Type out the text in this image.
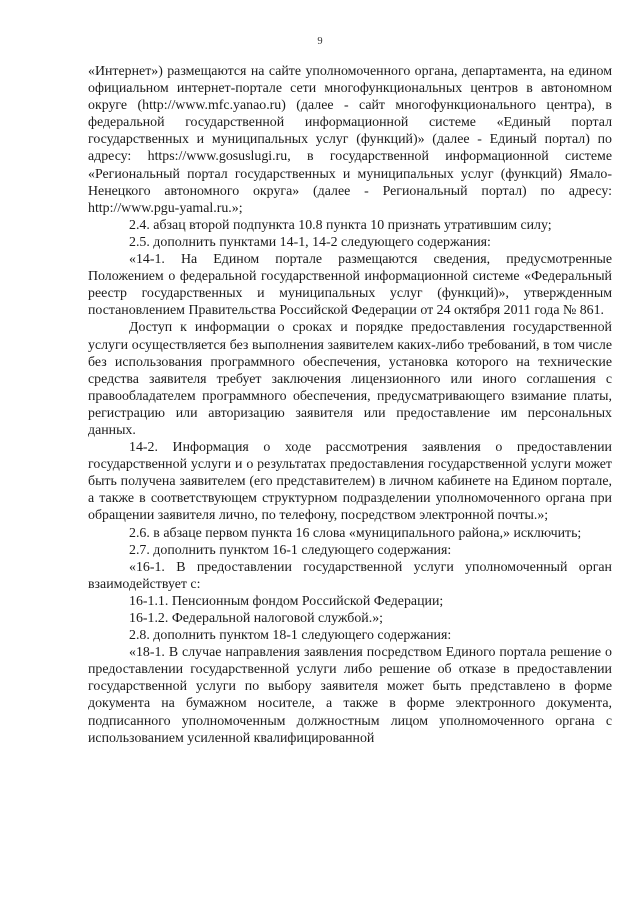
9

«Интернет») размещаются на сайте уполномоченного органа, департамента, на едином официальном интернет-портале сети многофункциональных центров в автономном округе (http://www.mfc.yanao.ru) (далее - сайт многофункционального центра), в федеральной государственной информационной системе «Единый портал государственных и муниципальных услуг (функций)» (далее - Единый портал) по адресу: https://www.gosuslugi.ru, в государственной информационной системе «Региональный портал государственных и муниципальных услуг (функций) Ямало-Ненецкого автономного округа» (далее - Региональный портал) по адресу: http://www.pgu-yamal.ru.»;

2.4. абзац второй подпункта 10.8 пункта 10 признать утратившим силу;

2.5. дополнить пунктами 14-1, 14-2 следующего содержания:

«14-1. На Едином портале размещаются сведения, предусмотренные Положением о федеральной государственной информационной системе «Федеральный реестр государственных и муниципальных услуг (функций)», утвержденным постановлением Правительства Российской Федерации от 24 октября 2011 года № 861.

Доступ к информации о сроках и порядке предоставления государственной услуги осуществляется без выполнения заявителем каких-либо требований, в том числе без использования программного обеспечения, установка которого на технические средства заявителя требует заключения лицензионного или иного соглашения с правообладателем программного обеспечения, предусматривающего взимание платы, регистрацию или авторизацию заявителя или предоставление им персональных данных.

14-2. Информация о ходе рассмотрения заявления о предоставлении государственной услуги и о результатах предоставления государственной услуги может быть получена заявителем (его представителем) в личном кабинете на Едином портале, а также в соответствующем структурном подразделении уполномоченного органа при обращении заявителя лично, по телефону, посредством электронной почты.»;

2.6. в абзаце первом пункта 16 слова «муниципального района,» исключить;

2.7. дополнить пунктом 16-1 следующего содержания:

«16-1. В предоставлении государственной услуги уполномоченный орган взаимодействует с:

16-1.1. Пенсионным фондом Российской Федерации;

16-1.2. Федеральной налоговой службой.»;

2.8. дополнить пунктом 18-1 следующего содержания:

«18-1. В случае направления заявления посредством Единого портала решение о предоставлении государственной услуги либо решение об отказе в предоставлении государственной услуги по выбору заявителя может быть представлено в форме документа на бумажном носителе, а также в форме электронного документа, подписанного уполномоченным должностным лицом уполномоченного органа с использованием усиленной квалифицированной
